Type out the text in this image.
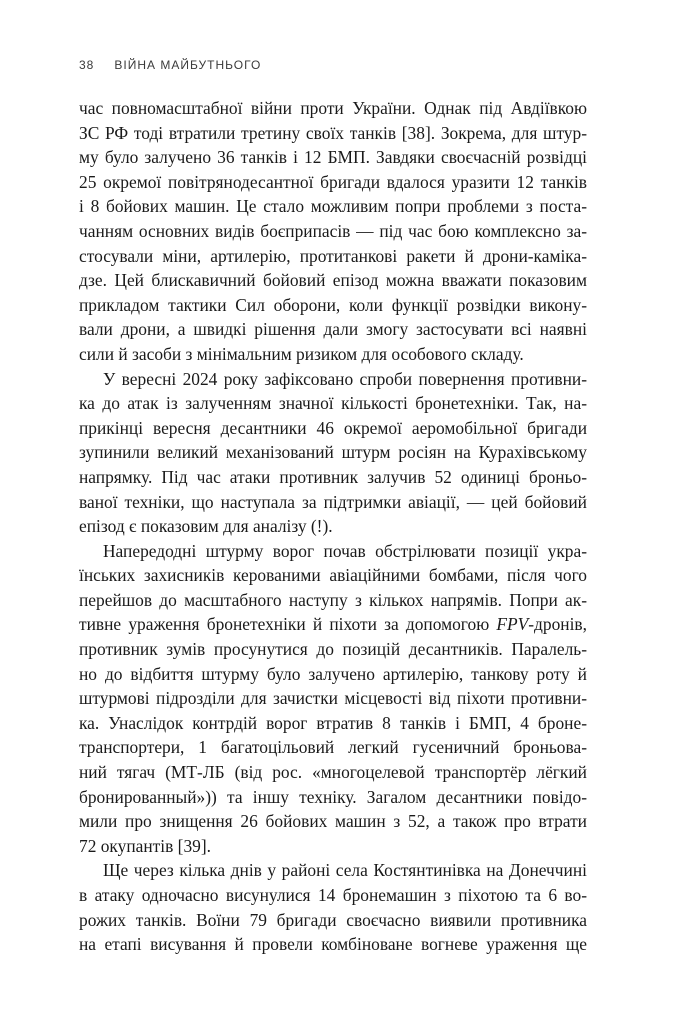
38 ВІЙНА МАЙБУТНЬОГО
час повномасштабної війни проти України. Однак під Авдіївкою
ЗС РФ тоді втратили третину своїх танків [38]. Зокрема, для штур-
му було залучено 36 танків і 12 БМП. Завдяки своєчасній розвідці
25 окремої повітрянодесантної бригади вдалося уразити 12 танків
і 8 бойових машин. Це стало можливим попри проблеми з поста-
чанням основних видів боєприпасів — під час бою комплексно за-
стосували міни, артилерію, протитанкові ракети й дрони-каміка-
дзе. Цей блискавичний бойовий епізод можна вважати показовим
прикладом тактики Сил оборони, коли функції розвідки викону-
вали дрони, а швидкі рішення дали змогу застосувати всі наявні
сили й засоби з мінімальним ризиком для особового складу.
У вересні 2024 року зафіксовано спроби повернення противни-
ка до атак із залученням значної кількості бронетехніки. Так, на-
прикінці вересня десантники 46 окремої аеромобільної бригади
зупинили великий механізований штурм росіян на Курахівському
напрямку. Під час атаки противник залучив 52 одиниці броньо-
ваної техніки, що наступала за підтримки авіації, — цей бойовий
епізод є показовим для аналізу (!).
Напередодні штурму ворог почав обстрілювати позиції укра-
їнських захисників керованими авіаційними бомбами, після чого
перейшов до масштабного наступу з кількох напрямів. Попри ак-
тивне ураження бронетехніки й піхоти за допомогою FPV-дронів,
противник зумів просунутися до позицій десантників. Паралель-
но до відбиття штурму було залучено артилерію, танкову роту й
штурмові підрозділи для зачистки місцевості від піхоти противни-
ка. Унаслідок контрдій ворог втратив 8 танків і БМП, 4 броне-
транспортери, 1 багатоцільовий легкий гусеничний броньова-
ний тягач (МТ-ЛБ (від рос. «многоцелевой транспортёр лёгкий
бронированный»)) та іншу техніку. Загалом десантники повідо-
мили про знищення 26 бойових машин з 52, а також про втрати
72 окупантів [39].
Ще через кілька днів у районі села Костянтинівка на Донеччині
в атаку одночасно висунулися 14 бронемашин з піхотою та 6 во-
рожих танків. Воїни 79 бригади своєчасно виявили противника
на етапі висування й провели комбіноване вогневе ураження ще
